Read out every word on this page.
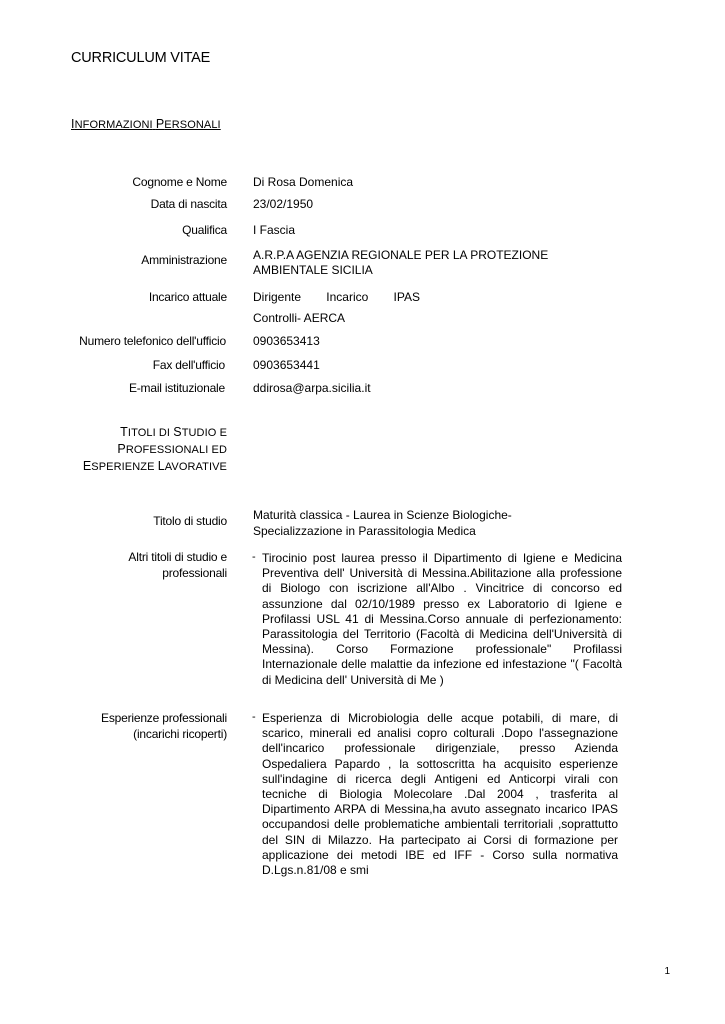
CURRICULUM VITAE
INFORMAZIONI PERSONALI
Cognome e Nome Di Rosa Domenica
Data di nascita 23/02/1950
Qualifica I Fascia
Amministrazione A.R.P.A AGENZIA REGIONALE PER LA PROTEZIONE
AMBIENTALE SICILIA
Incarico attuale Dirigente Incarico IPAS
Controlli- AERCA
Numero telefonico dell'ufficio 0903653413
Fax dell'ufficio 0903653441
E-mail istituzionale ddirosa@arpa.sicilia.it
TITOLI DI STUDIO E
PROFESSIONALI ED
ESPERIENZE LAVORATIVE
Titolo di studio Maturità classica - Laurea in Scienze Biologiche-
Specializzazione in Parassitologia Medica
Altri titoli di studio e
professionali
- Tirocinio post laurea presso il Dipartimento di Igiene e Medicina Preventiva dell' Università di Messina.Abilitazione alla professione di Biologo con iscrizione all'Albo . Vincitrice di concorso ed assunzione dal 02/10/1989 presso ex Laboratorio di Igiene e Profilassi USL 41 di Messina.Corso annuale di perfezionamento: Parassitologia del Territorio (Facoltà di Medicina dell'Università di Messina). Corso Formazione professionale" Profilassi Internazionale delle malattie da infezione ed infestazione "( Facoltà di Medicina dell' Università di Me )
Esperienze professionali
(incarichi ricoperti)
- Esperienza di Microbiologia delle acque potabili, di mare, di scarico, minerali ed analisi copro colturali .Dopo l'assegnazione dell'incarico professionale dirigenziale, presso Azienda Ospedaliera Papardo , la sottoscritta ha acquisito esperienze sull'indagine di ricerca degli Antigeni ed Anticorpi virali con tecniche di Biologia Molecolare .Dal 2004 , trasferita al Dipartimento ARPA di Messina,ha avuto assegnato incarico IPAS occupandosi delle problematiche ambientali territoriali ,soprattutto del SIN di Milazzo. Ha partecipato ai Corsi di formazione per applicazione dei metodi IBE ed IFF - Corso sulla normativa D.Lgs.n.81/08 e smi
1
